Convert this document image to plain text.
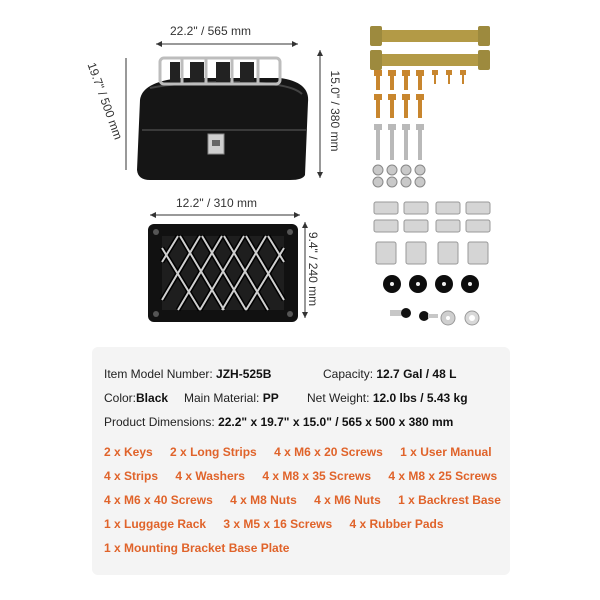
22.2" / 565 mm
19.7" / 500 mm	15.0" / 380 mm
12.2" / 310 mm
9.4" / 240 mm
Item Model Number: JZH-525B	Capacity: 12.7 Gal / 48 L
Color:Black Main Material: PP Net Weight: 12.0 lbs / 5.43 kg
Product Dimensions: 22.2" x 19.7" x 15.0" / 565 x 500 x 380 mm
2 x Keys 2 x Long Strips 4 x M6 x 20 Screws 1 x User Manual
4 x Strips 4 x Washers 4 x M8 x 35 Screws 4 x M8 x 25 Screws
4 x M6 x 40 Screws 4 x M8 Nuts 4 x M6 Nuts 1 x Backrest Base
1 x Luggage Rack 3 x M5 x 16 Screws 4 x Rubber Pads
1 x Mounting Bracket Base Plate
